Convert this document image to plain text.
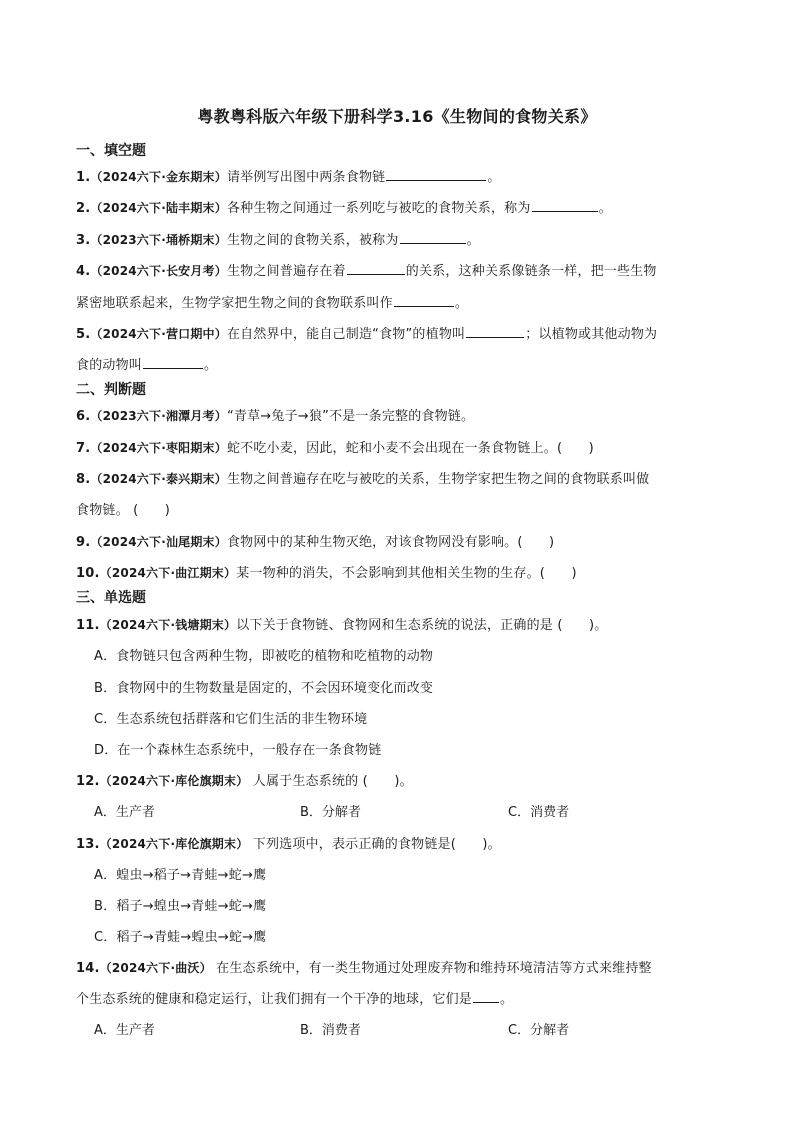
粤教粤科版六年级下册科学3.16《生物间的食物关系》
一、填空题
1.（2024六下·金东期末）请举例写出图中两条食物链	。
2.（2024六下·陆丰期末）各种生物之间通过一系列吃与被吃的食物关系，称为	。
3.（2023六下·埇桥期末）生物之间的食物关系，被称为	。
4.（2024六下·长安月考）生物之间普遍存在着	的关系，这种关系像链条一样，把一些生物
紧密地联系起来，生物学家把生物之间的食物联系叫作	。
5.（2024六下·营口期中）在自然界中，能自己制造“食物”的植物叫	；以植物或其他动物为
食的动物叫	。
二、判断题
6.（2023六下·湘潭月考）“青草→兔子→狼”不是一条完整的食物链。
7.（2024六下·枣阳期末）蛇不吃小麦，因此，蛇和小麦不会出现在一条食物链上。(　　)
8.（2024六下·泰兴期末）生物之间普遍存在吃与被吃的关系，生物学家把生物之间的食物联系叫做
食物链。 (　　)
9.（2024六下·汕尾期末）食物网中的某种生物灭绝，对该食物网没有影响。(　　)
10.（2024六下·曲江期末）某一物种的消失，不会影响到其他相关生物的生存。(　　)
三、单选题
11.（2024六下·钱塘期末）以下关于食物链、食物网和生态系统的说法，正确的是 (　　)。
A．食物链只包含两种生物，即被吃的植物和吃植物的动物
B．食物网中的生物数量是固定的，不会因环境变化而改变
C．生态系统包括群落和它们生活的非生物环境
D．在一个森林生态系统中，一般存在一条食物链
12.（2024六下·库伦旗期末） 人属于生态系统的 (　　)。
A．生产者	B．分解者	C．消费者
13.（2024六下·库伦旗期末） 下列选项中，表示正确的食物链是(　　)。
A．蝗虫→稻子→青蛙→蛇→鹰
B．稻子→蝗虫→青蛙→蛇→鹰
C．稻子→青蛙→蝗虫→蛇→鹰
14.（2024六下·曲沃） 在生态系统中，有一类生物通过处理废弃物和维持环境清洁等方式来维持整
个生态系统的健康和稳定运行，让我们拥有一个干净的地球，它们是 。
A．生产者	B．消费者	C．分解者
